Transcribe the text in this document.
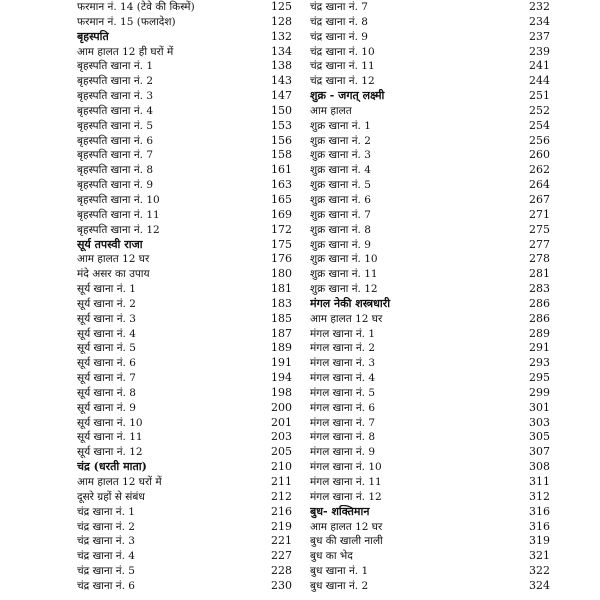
फरमान नं. 14 (टेवे की किस्में)	125
फरमान नं. 15 (फलादेश)	128
बृहस्पति	132
आम हालत 12 ही घरों में	134
बृहस्पति खाना नं. 1	138
बृहस्पति खाना नं. 2	143
बृहस्पति खाना नं. 3	147
बृहस्पति खाना नं. 4	150
बृहस्पति खाना नं. 5	153
बृहस्पति खाना नं. 6	156
बृहस्पति खाना नं. 7	158
बृहस्पति खाना नं. 8	161
बृहस्पति खाना नं. 9	163
बृहस्पति खाना नं. 10	165
बृहस्पति खाना नं. 11	169
बृहस्पति खाना नं. 12	172
सूर्य तपस्वी राजा	175
आम हालत 12 घर	176
मंदे असर का उपाय	180
सूर्य खाना नं. 1	181
सूर्य खाना नं. 2	183
सूर्य खाना नं. 3	185
सूर्य खाना नं. 4	187
सूर्य खाना नं. 5	189
सूर्य खाना नं. 6	191
सूर्य खाना नं. 7	194
सूर्य खाना नं. 8	198
सूर्य खाना नं. 9	200
सूर्य खाना नं. 10	201
सूर्य खाना नं. 11	203
सूर्य खाना नं. 12	205
चंद्र (धरती माता)	210
आम हालत 12 घरों में	211
दूसरे ग्रहों से संबंध	212
चंद्र खाना नं. 1	216
चंद्र खाना नं. 2	219
चंद्र खाना नं. 3	221
चंद्र खाना नं. 4	227
चंद्र खाना नं. 5	228
चंद्र खाना नं. 6	230
चंद्र खाना नं. 7	232
चंद्र खाना नं. 8	234
चंद्र खाना नं. 9	237
चंद्र खाना नं. 10	239
चंद्र खाना नं. 11	241
चंद्र खाना नं. 12	244
शुक्र - जगत् लक्ष्मी	251
आम हालत	252
शुक्र खाना नं. 1	254
शुक्र खाना नं. 2	256
शुक्र खाना नं. 3	260
शुक्र खाना नं. 4	262
शुक्र खाना नं. 5	264
शुक्र खाना नं. 6	267
शुक्र खाना नं. 7	271
शुक्र खाना नं. 8	275
शुक्र खाना नं. 9	277
शुक्र खाना नं. 10	278
शुक्र खाना नं. 11	281
शुक्र खाना नं. 12	283
मंगल नेकी शस्त्रधारी	286
आम हालत 12 घर	286
मंगल खाना नं. 1	289
मंगल खाना नं. 2	291
मंगल खाना नं. 3	293
मंगल खाना नं. 4	295
मंगल खाना नं. 5	299
मंगल खाना नं. 6	301
मंगल खाना नं. 7	303
मंगल खाना नं. 8	305
मंगल खाना नं. 9	307
मंगल खाना नं. 10	308
मंगल खाना नं. 11	311
मंगल खाना नं. 12	312
बुध- शक्तिमान	316
आम हालत 12 घर	316
बुध की खाली नाली	319
बुध का भेद	321
बुध खाना नं. 1	322
बुध खाना नं. 2	324
